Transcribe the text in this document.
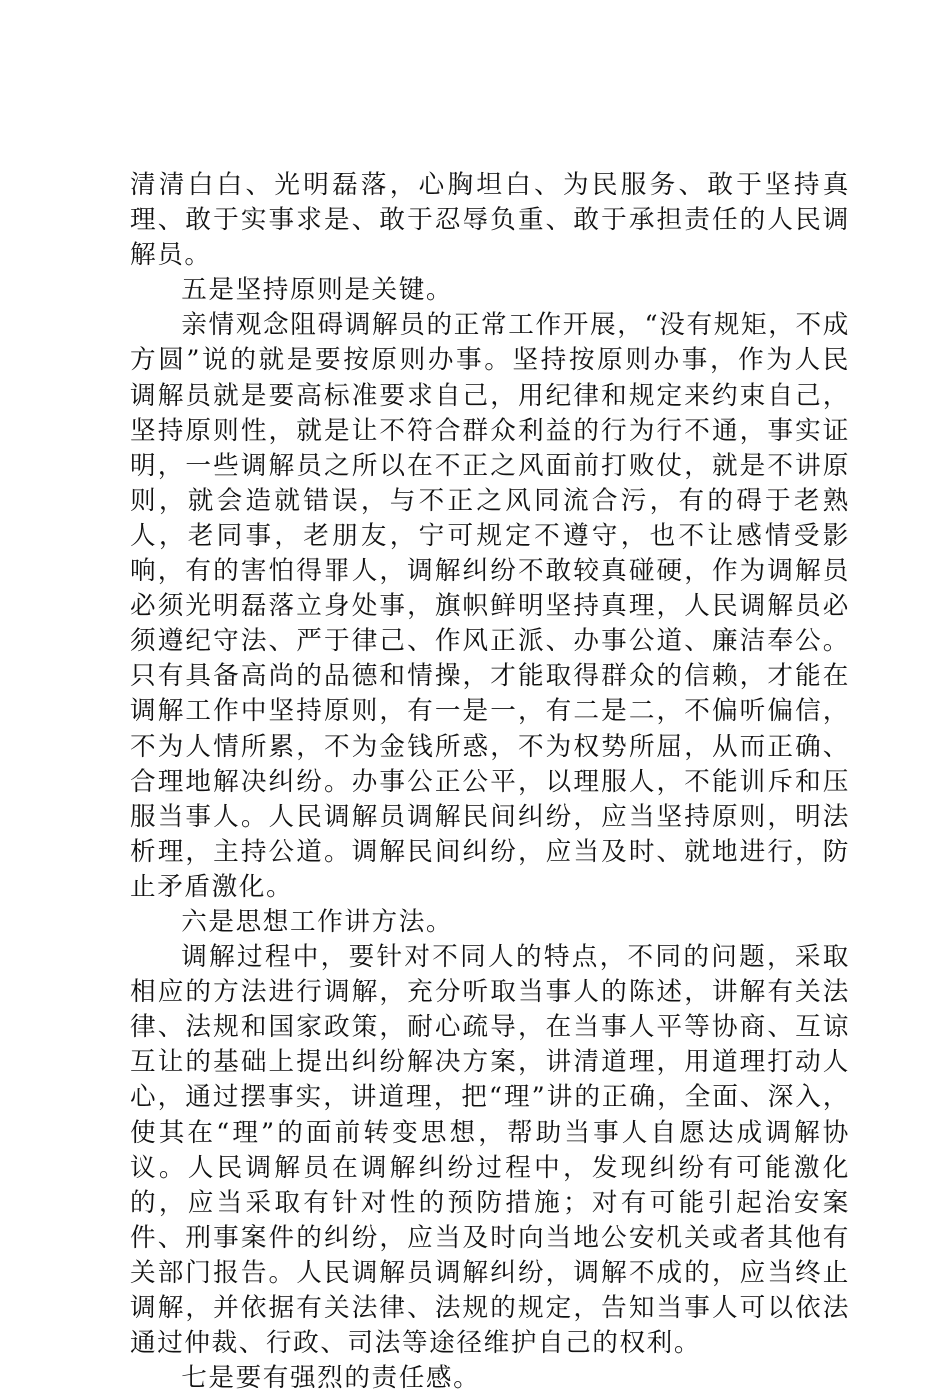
清清白白、光明磊落，心胸坦白、为民服务、敢于坚持真理、敢于实事求是、敢于忍辱负重、敢于承担责任的人民调解员。

五是坚持原则是关键。

亲情观念阻碍调解员的正常工作开展，“没有规矩，不成方圆”说的就是要按原则办事。坚持按原则办事，作为人民调解员就是要高标准要求自己，用纪律和规定来约束自己，坚持原则性，就是让不符合群众利益的行为行不通，事实证明，一些调解员之所以在不正之风面前打败仗，就是不讲原则，就会造就错误，与不正之风同流合污，有的碍于老熟人，老同事，老朋友，宁可规定不遵守，也不让感情受影响，有的害怕得罪人，调解纠纷不敢较真碰硬，作为调解员必须光明磊落立身处事，旗帜鲜明坚持真理，人民调解员必须遵纪守法、严于律己、作风正派、办事公道、廉洁奉公。只有具备高尚的品德和情操，才能取得群众的信赖，才能在调解工作中坚持原则，有一是一，有二是二，不偏听偏信，不为人情所累，不为金钱所惑，不为权势所屈，从而正确、合理地解决纠纷。办事公正公平，以理服人，不能训斥和压服当事人。人民调解员调解民间纠纷，应当坚持原则，明法析理，主持公道。调解民间纠纷，应当及时、就地进行，防止矛盾激化。

六是思想工作讲方法。

调解过程中，要针对不同人的特点，不同的问题，采取相应的方法进行调解，充分听取当事人的陈述，讲解有关法律、法规和国家政策，耐心疏导，在当事人平等协商、互谅互让的基础上提出纠纷解决方案，讲清道理，用道理打动人心，通过摆事实，讲道理，把“理”讲的正确，全面、深入，使其在“理”的面前转变思想，帮助当事人自愿达成调解协议。人民调解员在调解纠纷过程中，发现纠纷有可能激化的，应当采取有针对性的预防措施；对有可能引起治安案件、刑事案件的纠纷，应当及时向当地公安机关或者其他有关部门报告。人民调解员调解纠纷，调解不成的，应当终止调解，并依据有关法律、法规的规定，告知当事人可以依法通过仲裁、行政、司法等途径维护自己的权利。

七是要有强烈的责任感。
